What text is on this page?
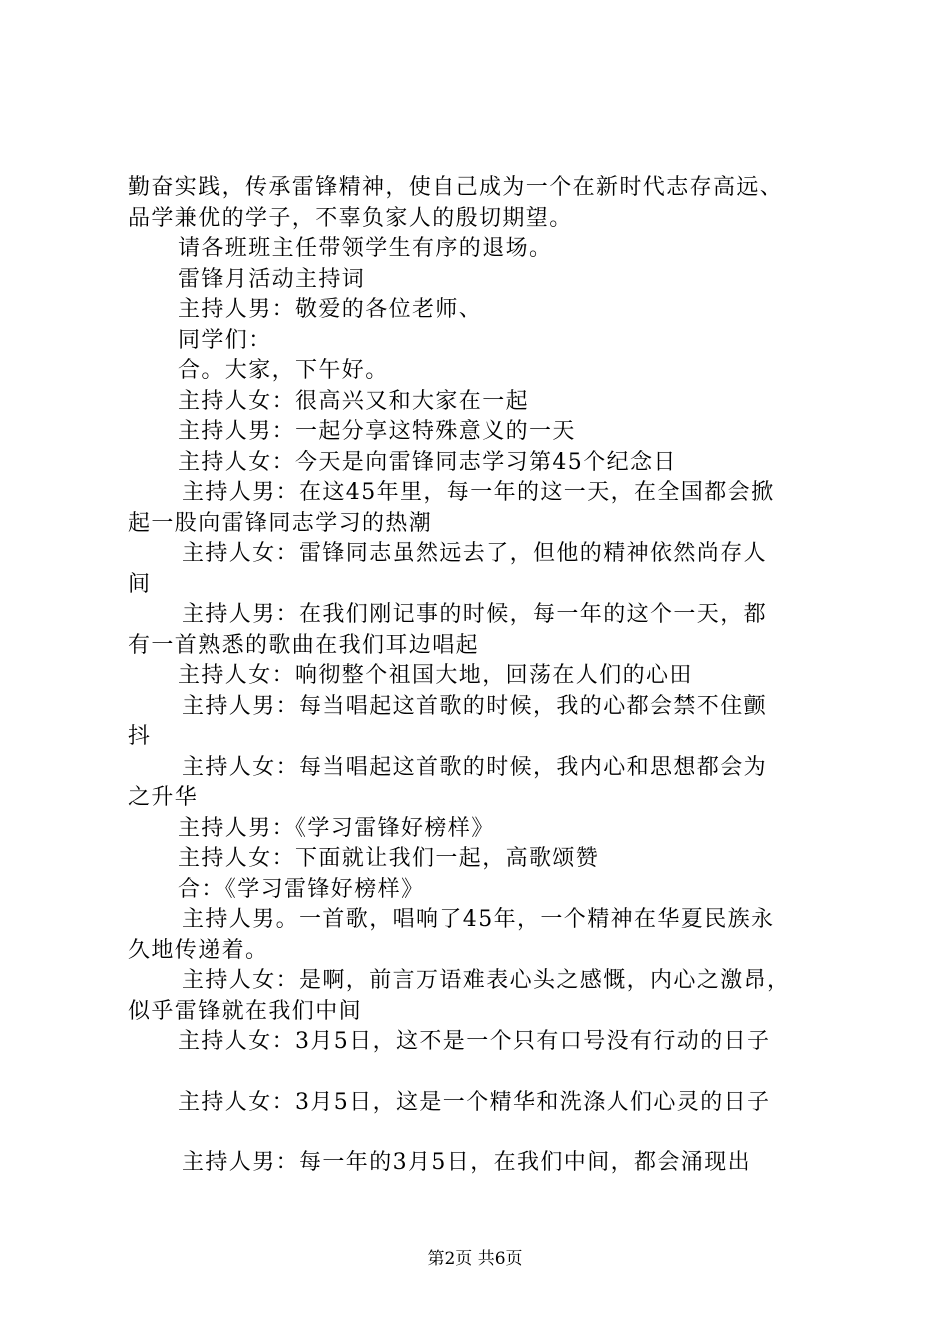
勤奋实践，传承雷锋精神，使自己成为一个在新时代志存高远、

品学兼优的学子，不辜负家人的殷切期望。

请各班班主任带领学生有序的退场。

雷锋月活动主持词

主持人男：敬爱的各位老师、

同学们：

合。大家，下午好。

主持人女：很高兴又和大家在一起

主持人男：一起分享这特殊意义的一天

主持人女：今天是向雷锋同志学习第45个纪念日

主持人男：在这45年里，每一年的这一天，在全国都会掀

起一股向雷锋同志学习的热潮

主持人女：雷锋同志虽然远去了，但他的精神依然尚存人

间

主持人男：在我们刚记事的时候，每一年的这个一天，都

有一首熟悉的歌曲在我们耳边唱起

主持人女：响彻整个祖国大地，回荡在人们的心田

主持人男：每当唱起这首歌的时候，我的心都会禁不住颤

抖

主持人女：每当唱起这首歌的时候，我内心和思想都会为

之升华

主持人男：《学习雷锋好榜样》

主持人女：下面就让我们一起，高歌颂赞

合：《学习雷锋好榜样》

主持人男。一首歌，唱响了45年，一个精神在华夏民族永

久地传递着。

主持人女：是啊，前言万语难表心头之感慨，内心之激昂，

似乎雷锋就在我们中间

主持人女：3月5日，这不是一个只有口号没有行动的日子

主持人女：3月5日，这是一个精华和洗涤人们心灵的日子

主持人男：每一年的3月5日，在我们中间，都会涌现出

第2页 共6页
